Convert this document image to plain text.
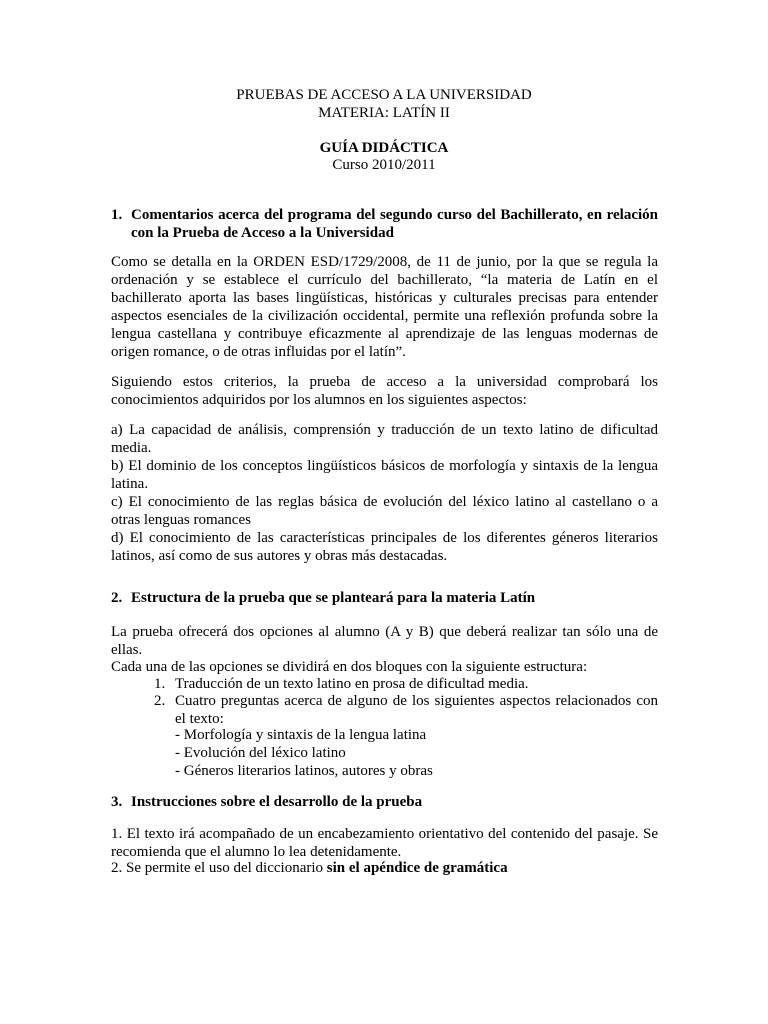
PRUEBAS DE ACCESO A LA UNIVERSIDAD
MATERIA: LATÍN II
GUÍA DIDÁCTICA
Curso 2010/2011
1. Comentarios acerca del programa del segundo curso del Bachillerato, en relación con la Prueba de Acceso a la Universidad
Como se detalla en la ORDEN ESD/1729/2008, de 11 de junio, por la que se regula la ordenación y se establece el currículo del bachillerato, “la materia de Latín en el bachillerato aporta las bases lingüísticas, históricas y culturales precisas para entender aspectos esenciales de la civilización occidental, permite una reflexión profunda sobre la lengua castellana y contribuye eficazmente al aprendizaje de las lenguas modernas de origen romance, o de otras influidas por el latín”.
Siguiendo estos criterios, la prueba de acceso a la universidad comprobará los conocimientos adquiridos por los alumnos en los siguientes aspectos:
a) La capacidad de análisis, comprensión y traducción de un texto latino de dificultad media.
b) El dominio de los conceptos lingüísticos básicos de morfología y sintaxis de la lengua latina.
c) El conocimiento de las reglas básica de evolución del léxico latino al castellano o a otras lenguas romances
d) El conocimiento de las características principales de los diferentes géneros literarios latinos, así como de sus autores y obras más destacadas.
2. Estructura de la prueba que se planteará para la materia Latín
La prueba ofrecerá dos opciones al alumno (A y B) que deberá realizar tan sólo una de ellas.
Cada una de las opciones se dividirá en dos bloques con la siguiente estructura:
1. Traducción de un texto latino en prosa de dificultad media.
2. Cuatro preguntas acerca de alguno de los siguientes aspectos relacionados con el texto:
- Morfología y sintaxis de la lengua latina
- Evolución del léxico latino
- Géneros literarios latinos, autores y obras
3. Instrucciones sobre el desarrollo de la prueba
1. El texto irá acompañado de un encabezamiento orientativo del contenido del pasaje. Se recomienda que el alumno lo lea detenidamente.
2. Se permite el uso del diccionario sin el apéndice de gramática
